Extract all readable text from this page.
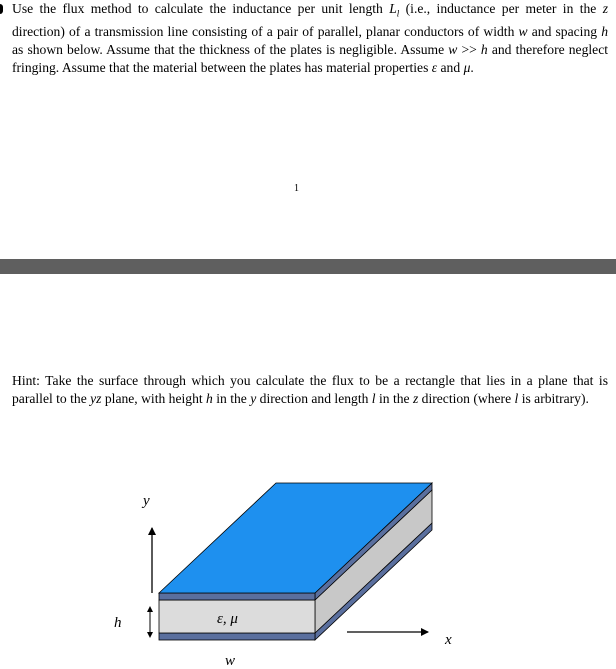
Use the flux method to calculate the inductance per unit length $L_l$ (i.e., inductance per meter in the z direction) of a transmission line consisting of a pair of parallel, planar conductors of width w and spacing h as shown below. Assume that the thickness of the plates is negligible. Assume w >> h and therefore neglect fringing. Assume that the material between the plates has material properties ε and μ.

1

Hint: Take the surface through which you calculate the flux to be a rectangle that lies in a plane that is parallel to the yz plane, with height h in the y direction and length l in the z direction (where l is arbitrary).

y
x
h	ε, μ
w
